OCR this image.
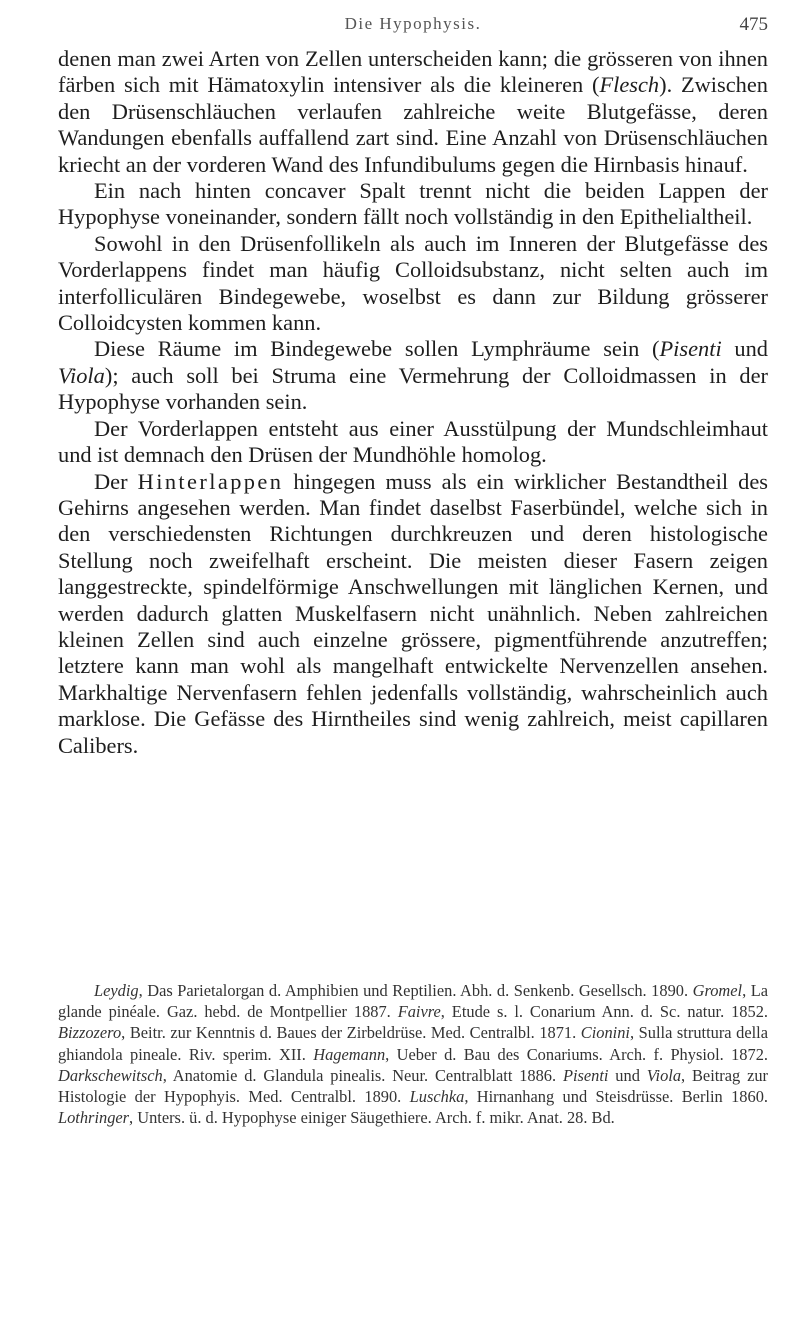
Die Hypophysis.	475

denen man zwei Arten von Zellen unterscheiden kann; die grösseren von ihnen färben sich mit Hämatoxylin intensiver als die kleineren (Flesch). Zwischen den Drüsenschläuchen verlaufen zahlreiche weite Blutgefässe, deren Wandungen ebenfalls auffallend zart sind. Eine Anzahl von Drüsenschläuchen kriecht an der vorderen Wand des Infundibulums gegen die Hirnbasis hinauf.

Ein nach hinten concaver Spalt trennt nicht die beiden Lappen der Hypophyse voneinander, sondern fällt noch vollständig in den Epithelialtheil.

Sowohl in den Drüsenfollikeln als auch im Inneren der Blutgefässe des Vorderlappens findet man häufig Colloidsubstanz, nicht selten auch im interfolliculären Bindegewebe, woselbst es dann zur Bildung grösserer Colloidcysten kommen kann.

Diese Räume im Bindegewebe sollen Lymphräume sein (Pisenti und Viola); auch soll bei Struma eine Vermehrung der Colloidmassen in der Hypophyse vorhanden sein.

Der Vorderlappen entsteht aus einer Ausstülpung der Mundschleimhaut und ist demnach den Drüsen der Mundhöhle homolog.

Der Hinterlappen hingegen muss als ein wirklicher Bestandtheil des Gehirns angesehen werden. Man findet daselbst Faserbündel, welche sich in den verschiedensten Richtungen durchkreuzen und deren histologische Stellung noch zweifelhaft erscheint. Die meisten dieser Fasern zeigen langgestreckte, spindelförmige Anschwellungen mit länglichen Kernen, und werden dadurch glatten Muskelfasern nicht unähnlich. Neben zahlreichen kleinen Zellen sind auch einzelne grössere, pigmentführende anzutreffen; letztere kann man wohl als mangelhaft entwickelte Nervenzellen ansehen. Markhaltige Nervenfasern fehlen jedenfalls vollständig, wahrscheinlich auch marklose. Die Gefässe des Hirntheiles sind wenig zahlreich, meist capillaren Calibers.

Leydig, Das Parietalorgan d. Amphibien und Reptilien. Abh. d. Senkenb. Gesellsch. 1890. Gromel, La glande pinéale. Gaz. hebd. de Montpellier 1887. Faivre, Etude s. l. Conarium Ann. d. Sc. natur. 1852. Bizzozero, Beitr. zur Kenntnis d. Baues der Zirbeldrüse. Med. Centralbl. 1871. Cionini, Sulla struttura della ghiandola pineale. Riv. sperim. XII. Hagemann, Ueber d. Bau des Conariums. Arch. f. Physiol. 1872. Darkschewitsch, Anatomie d. Glandula pinealis. Neur. Centralblatt 1886. Pisenti und Viola, Beitrag zur Histologie der Hypophyis. Med. Centralbl. 1890. Luschka, Hirnanhang und Steisdrüsse. Berlin 1860. Lothringer, Unters. ü. d. Hypophyse einiger Säugethiere. Arch. f. mikr. Anat. 28. Bd.
